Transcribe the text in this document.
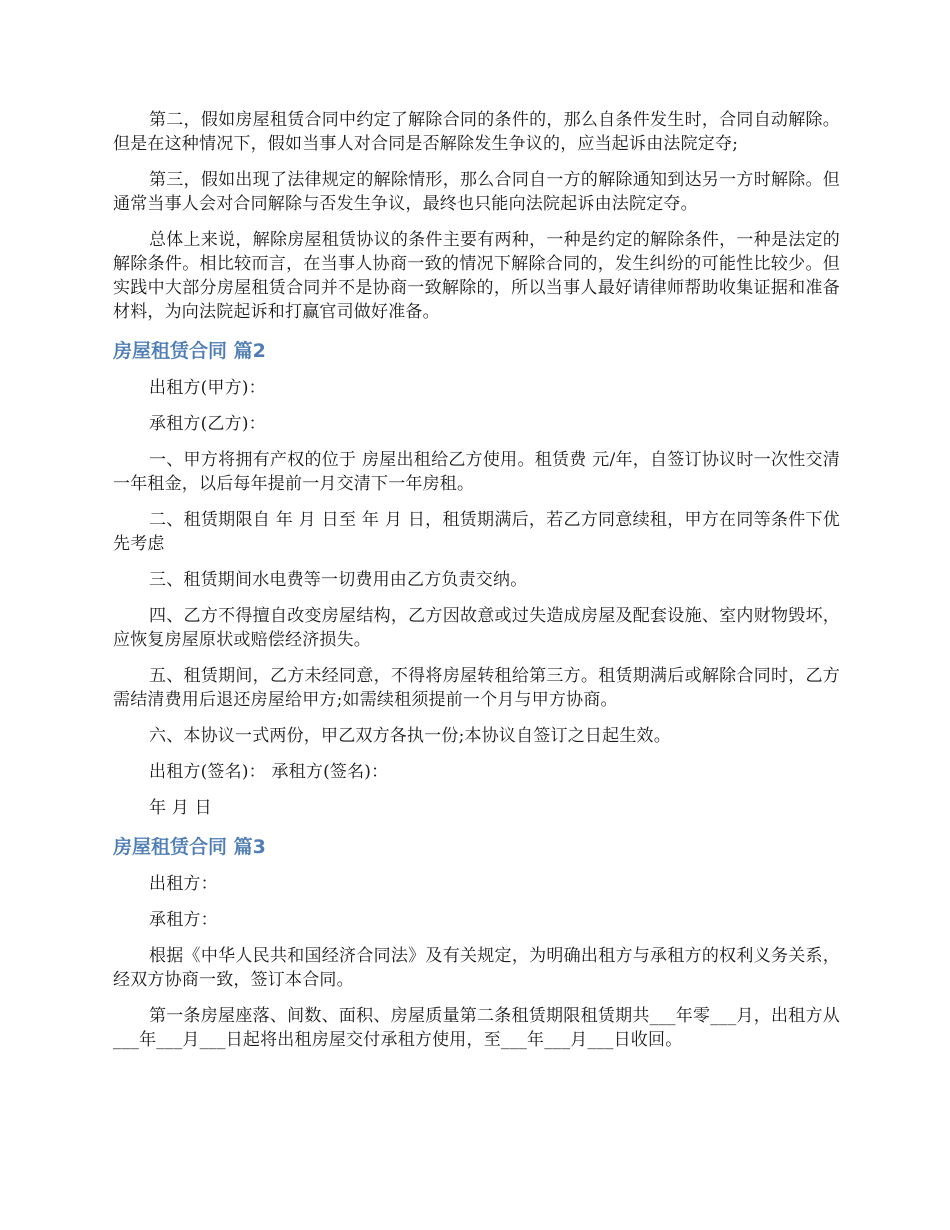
第二，假如房屋租赁合同中约定了解除合同的条件的，那么自条件发生时，合同自动解除。但是在这种情况下，假如当事人对合同是否解除发生争议的，应当起诉由法院定夺;

第三，假如出现了法律规定的解除情形，那么合同自一方的解除通知到达另一方时解除。但通常当事人会对合同解除与否发生争议，最终也只能向法院起诉由法院定夺。

总体上来说，解除房屋租赁协议的条件主要有两种，一种是约定的解除条件，一种是法定的解除条件。相比较而言，在当事人协商一致的情况下解除合同的，发生纠纷的可能性比较少。但实践中大部分房屋租赁合同并不是协商一致解除的，所以当事人最好请律师帮助收集证据和准备材料，为向法院起诉和打赢官司做好准备。

房屋租赁合同 篇2

出租方(甲方)：

承租方(乙方)：

一、甲方将拥有产权的位于 房屋出租给乙方使用。租赁费 元/年，自签订协议时一次性交清一年租金，以后每年提前一月交清下一年房租。

二、租赁期限自 年 月 日至 年 月 日，租赁期满后，若乙方同意续租，甲方在同等条件下优先考虑

三、租赁期间水电费等一切费用由乙方负责交纳。

四、乙方不得擅自改变房屋结构，乙方因故意或过失造成房屋及配套设施、室内财物毁坏，应恢复房屋原状或赔偿经济损失。

五、租赁期间，乙方未经同意，不得将房屋转租给第三方。租赁期满后或解除合同时，乙方需结清费用后退还房屋给甲方;如需续租须提前一个月与甲方协商。

六、本协议一式两份，甲乙双方各执一份;本协议自签订之日起生效。

出租方(签名)： 承租方(签名)：

年 月 日

房屋租赁合同 篇3

出租方：

承租方：

根据《中华人民共和国经济合同法》及有关规定，为明确出租方与承租方的权利义务关系，经双方协商一致，签订本合同。

第一条房屋座落、间数、面积、房屋质量第二条租赁期限租赁期共___年零___月，出租方从___年___月___日起将出租房屋交付承租方使用，至___年___月___日收回。
